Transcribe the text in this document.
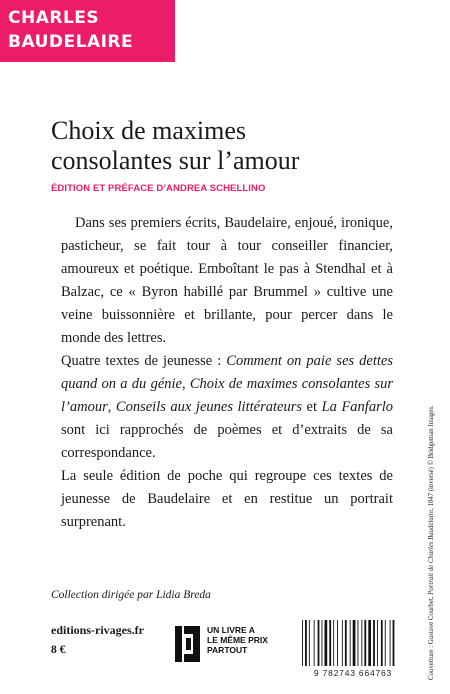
CHARLES
BAUDELAIRE
Choix de maximes
consolantes sur l’amour
ÉDITION ET PRÉFACE D’ANDREA SCHELLINO

Dans ses premiers écrits, Baudelaire, enjoué, ironique, pasticheur, se fait tour à tour conseiller financier, amoureux et poétique. Emboîtant le pas à Stendhal et à Balzac, ce « Byron habillé par Brummel » cultive une veine buissonnière et brillante, pour percer dans le monde des lettres.

Quatre textes de jeunesse : Comment on paie ses dettes quand on a du génie, Choix de maximes consolantes sur l’amour, Conseils aux jeunes littérateurs et La Fanfarlo sont ici rapprochés de poèmes et d’extraits de sa correspondance.

La seule édition de poche qui regroupe ces textes de jeunesse de Baudelaire et en restitue un portrait surprenant.

Collection dirigée par Lidia Breda
editions-rivages.fr
8 €
UN LIVRE A
LE MÊME PRIX
PARTOUT
9 782743 664763	Couverture : Gustave Courbet, Portrait de Charles Baudelaire, 1847 (inversé) © Bridgeman Images.
